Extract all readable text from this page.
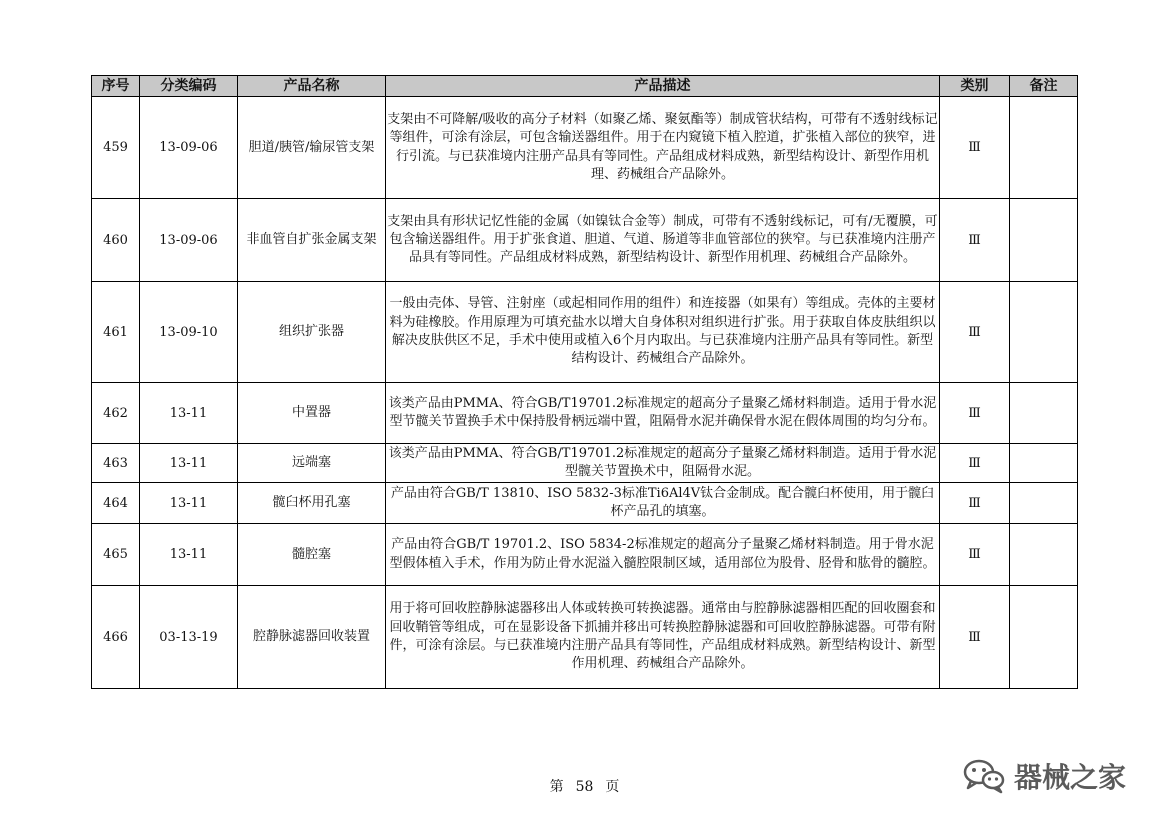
序号	分类编码	产品名称	产品描述	类别	备注
459	13-09-06	胆道/胰管/输尿管支架	支架由不可降解/吸收的高分子材料（如聚乙烯、聚氨酯等）制成管状结构，可带有不透射线标记等组件，可涂有涂层，可包含输送器组件。用于在内窥镜下植入腔道，扩张植入部位的狭窄，进行引流。与已获准境内注册产品具有等同性。产品组成材料成熟，新型结构设计、新型作用机理、药械组合产品除外。	Ⅲ	
460	13-09-06	非血管自扩张金属支架	支架由具有形状记忆性能的金属（如镍钛合金等）制成，可带有不透射线标记，可有/无覆膜，可包含输送器组件。用于扩张食道、胆道、气道、肠道等非血管部位的狭窄。与已获准境内注册产品具有等同性。产品组成材料成熟，新型结构设计、新型作用机理、药械组合产品除外。	Ⅲ	
461	13-09-10	组织扩张器	一般由壳体、导管、注射座（或起相同作用的组件）和连接器（如果有）等组成。壳体的主要材料为硅橡胶。作用原理为可填充盐水以增大自身体积对组织进行扩张。用于获取自体皮肤组织以解决皮肤供区不足，手术中使用或植入6个月内取出。与已获准境内注册产品具有等同性。新型结构设计、药械组合产品除外。	Ⅲ	
462	13-11	中置器	该类产品由PMMA、符合GB/T19701.2标准规定的超高分子量聚乙烯材料制造。适用于骨水泥型节髋关节置换手术中保持股骨柄远端中置，阻隔骨水泥并确保骨水泥在假体周围的均匀分布。	Ⅲ	
463	13-11	远端塞	该类产品由PMMA、符合GB/T19701.2标准规定的超高分子量聚乙烯材料制造。适用于骨水泥型髋关节置换术中，阻隔骨水泥。	Ⅲ	
464	13-11	髋臼杯用孔塞	产品由符合GB/T 13810、ISO 5832-3标准Ti6Al4V钛合金制成。配合髋臼杯使用，用于髋臼杯产品孔的填塞。	Ⅲ	
465	13-11	髓腔塞	产品由符合GB/T 19701.2、ISO 5834-2标准规定的超高分子量聚乙烯材料制造。用于骨水泥型假体植入手术，作用为防止骨水泥溢入髓腔限制区域，适用部位为股骨、胫骨和肱骨的髓腔。	Ⅲ	
466	03-13-19	腔静脉滤器回收装置	用于将可回收腔静脉滤器移出人体或转换可转换滤器。通常由与腔静脉滤器相匹配的回收圈套和回收鞘管等组成，可在显影设备下抓捕并移出可转换腔静脉滤器和可回收腔静脉滤器。可带有附件，可涂有涂层。与已获准境内注册产品具有等同性，产品组成材料成熟。新型结构设计、新型作用机理、药械组合产品除外。	Ⅲ	
第 58 页	器械之家
